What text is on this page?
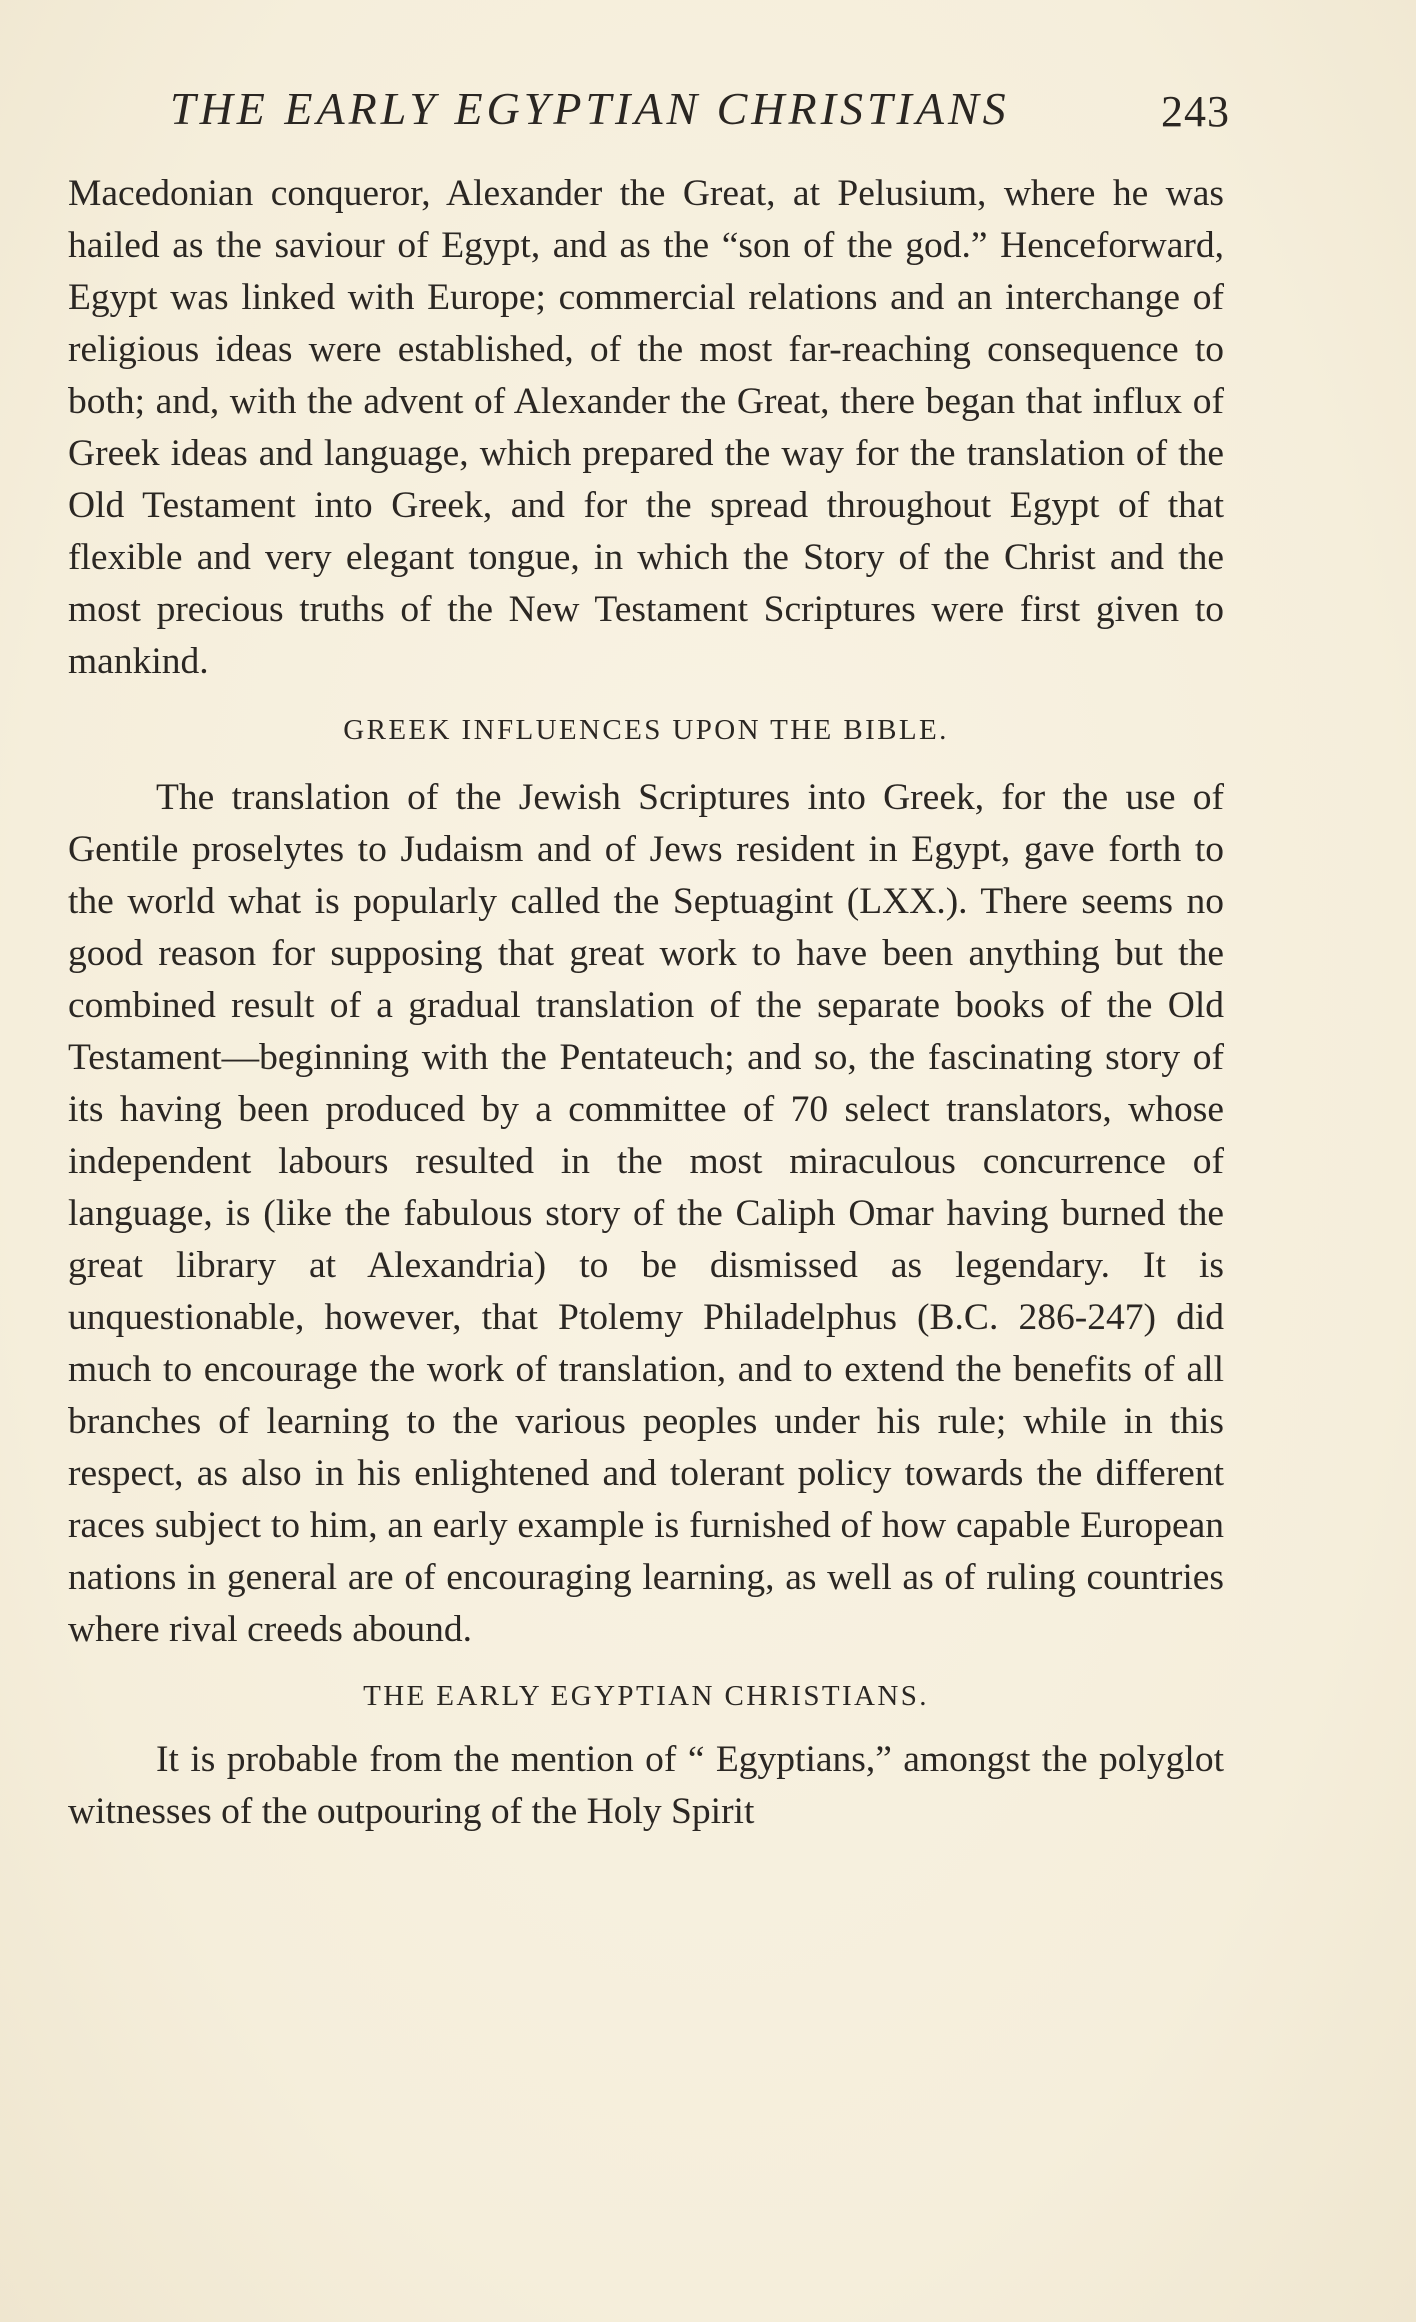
THE EARLY EGYPTIAN CHRISTIANS	243

Macedonian conqueror, Alexander the Great, at Pelusium, where he was hailed as the saviour of Egypt, and as the “son of the god.” Henceforward, Egypt was linked with Europe; commercial relations and an interchange of religious ideas were established, of the most far-reaching consequence to both; and, with the advent of Alexander the Great, there began that influx of Greek ideas and language, which prepared the way for the translation of the Old Testament into Greek, and for the spread throughout Egypt of that flexible and very elegant tongue, in which the Story of the Christ and the most precious truths of the New Testament Scriptures were first given to mankind.

GREEK INFLUENCES UPON THE BIBLE.

The translation of the Jewish Scriptures into Greek, for the use of Gentile proselytes to Judaism and of Jews resident in Egypt, gave forth to the world what is popularly called the Septuagint (LXX.). There seems no good reason for supposing that great work to have been anything but the combined result of a gradual translation of the separate books of the Old Testament—beginning with the Pentateuch; and so, the fascinating story of its having been produced by a committee of 70 select translators, whose independent labours resulted in the most miraculous concurrence of language, is (like the fabulous story of the Caliph Omar having burned the great library at Alexandria) to be dismissed as legendary. It is unquestionable, however, that Ptolemy Philadelphus (B.C. 286-247) did much to encourage the work of translation, and to extend the benefits of all branches of learning to the various peoples under his rule; while in this respect, as also in his enlightened and tolerant policy towards the different races subject to him, an early example is furnished of how capable European nations in general are of encouraging learning, as well as of ruling countries where rival creeds abound.

THE EARLY EGYPTIAN CHRISTIANS.

It is probable from the mention of “ Egyptians,” amongst the polyglot witnesses of the outpouring of the Holy Spirit
